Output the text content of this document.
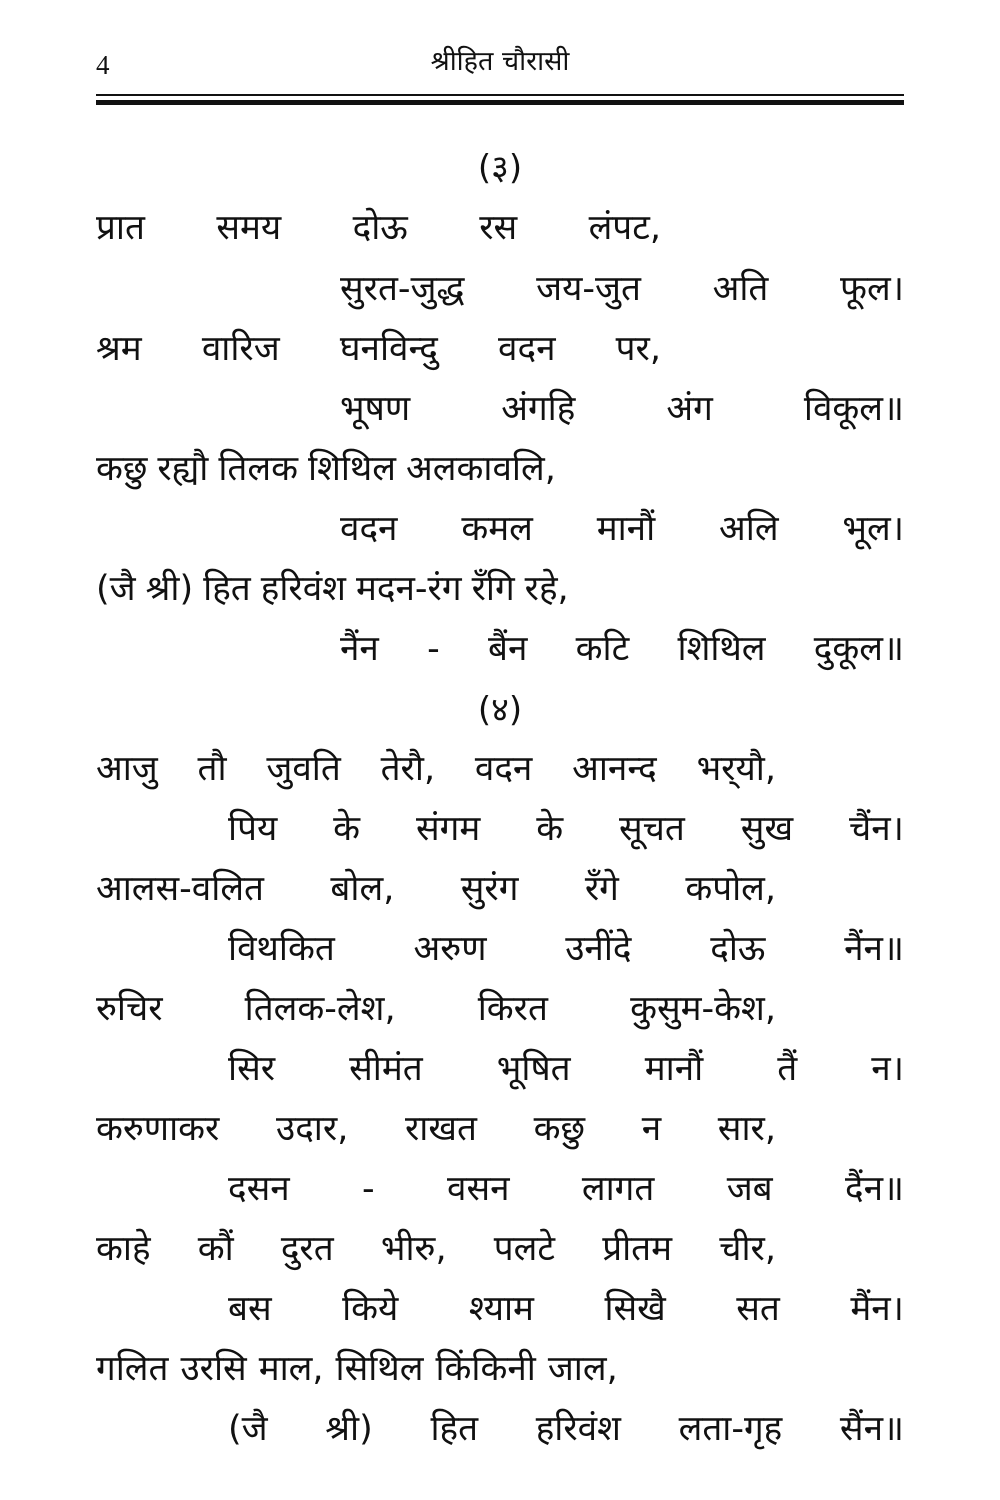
4	श्रीहित चौरासी
(३)
प्रात समय दोऊ रस लंपट,
सुरत-जुद्ध जय-जुत अति फूल।
श्रम वारिज घनविन्दु वदन पर,
भूषण	अंगहि	अंग	विकूल॥
कछु रह्यौ तिलक शिथिल अलकावलि,
वदन कमल मानौं अलि भूल।
(जै श्री) हित हरिवंश मदन-रंग रँगि रहे,
नैंन - बैंन कटि शिथिल दुकूल॥
(४)
आजु तौ जुवति तेरौ, वदन आनन्द भर्‌यौ,
पिय के संगम के सूचत सुख चैंन।
आलस-वलित बोल, सुरंग रँगे कपोल,
विथकित अरुण उनींदे दोऊ नैंन॥
रुचिर तिलक-लेश, किरत कुसुम-केश,
सिर सीमंत भूषित मानौं तैं न।
करुणाकर उदार, राखत कछु न सार,
दसन - वसन लागत जब दैंन॥
काहे कौं दुरत भीरु, पलटे प्रीतम चीर,
बस किये श्याम सिखै सत मैंन।
गलित उरसि माल, सिथिल किंकिनी जाल,
(जै श्री) हित हरिवंश लता-गृह सैंन॥
